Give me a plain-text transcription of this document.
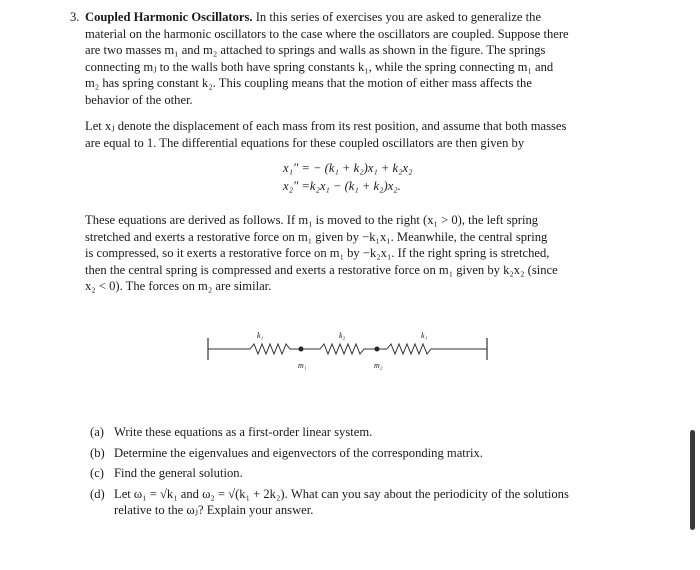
3. Coupled Harmonic Oscillators. In this series of exercises you are asked to generalize the
material on the harmonic oscillators to the case where the oscillators are coupled. Suppose there
are two masses m₁ and m₂ attached to springs and walls as shown in the figure. The springs
connecting mⱼ to the walls both have spring constants k₁, while the spring connecting m₁ and
m₂ has spring constant k₂. This coupling means that the motion of either mass affects the
behavior of the other.
Let xⱼ denote the displacement of each mass from its rest position, and assume that both masses
are equal to 1. The differential equations for these coupled oscillators are then given by
x₁″ = − (k₁ + k₂)x₁ + k₂x₂
x₂″ =k₂x₁ − (k₁ + k₂)x₂.
These equations are derived as follows. If m₁ is moved to the right (x₁ > 0), the left spring
stretched and exerts a restorative force on m₁ given by −k₁x₁. Meanwhile, the central spring
is compressed, so it exerts a restorative force on m₁ by −k₂x₁. If the right spring is stretched,
then the central spring is compressed and exerts a restorative force on m₁ given by k₂x₂ (since
x₂ < 0). The forces on m₂ are similar.
k₁	k₂	k₁
m₁	m₂
(a) Write these equations as a first-order linear system.
(b) Determine the eigenvalues and eigenvectors of the corresponding matrix.
(c) Find the general solution.
(d) Let ω₁ = √k₁ and ω₂ = √(k₁ + 2k₂). What can you say about the periodicity of the solutions
relative to the ωⱼ? Explain your answer.
